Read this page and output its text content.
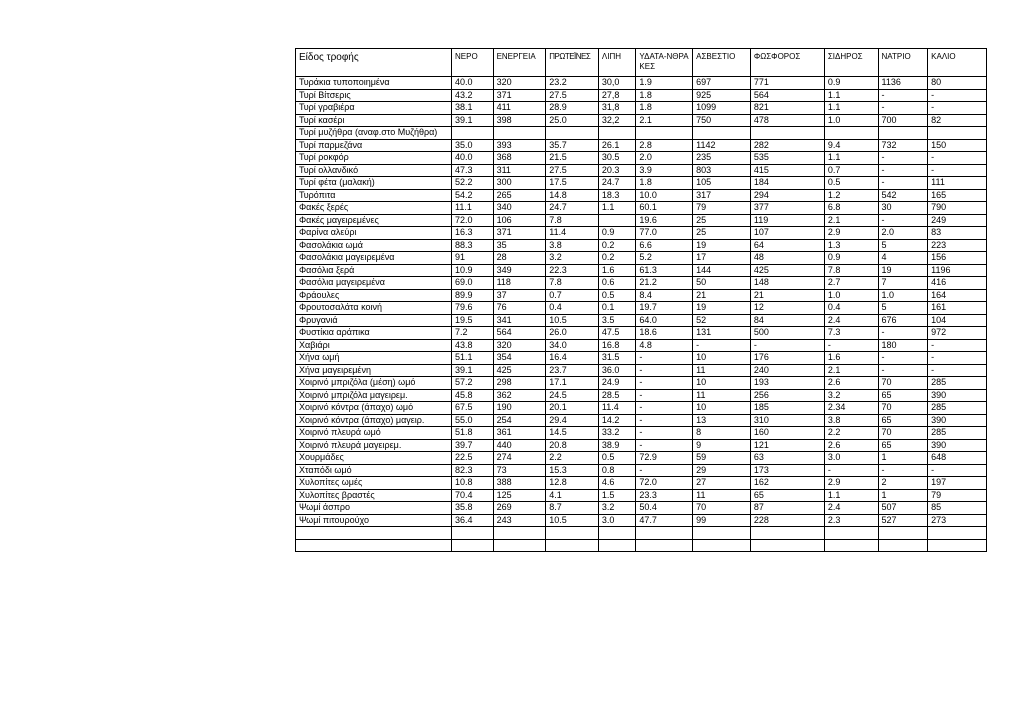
Είδος τροφής	ΝΕΡΟ	ΕΝΕΡΓΕΙΑ	ΠΡΩΤΕΪΝΕΣ	ΛΙΠΗ	ΥΔΑΤΑ-ΝΘΡΑΚΕΣ	ΑΣΒΕΣΤΙΟ	ΦΩΣΦΟΡΟΣ	ΣΙΔΗΡΟΣ	ΝΑΤΡΙΟ	ΚΑΛΙΟ
Τυράκια τυποποιημένα	40.0	320	23.2	30,0	1.9	697	771	0.9	1136	80
Τυρί Βίτσερις	43.2	371	27.5	27,8	1.8	925	564	1.1	-	-
Τυρί γραβιέρα	38.1	411	28.9	31,8	1.8	1099	821	1.1	-	-
Τυρί κασέρι	39.1	398	25.0	32,2	2.1	750	478	1.0	700	82
Τυρί μυζήθρα (αναφ.στο Μυζήθρα)										
Τυρί παρμεζάνα	35.0	393	35.7	26.1	2.8	1142	282	9.4	732	150
Τυρί ροκφόρ	40.0	368	21.5	30.5	2.0	235	535	1.1	-	-
Τυρί ολλανδικό	47.3	311	27.5	20.3	3.9	803	415	0.7	-	-
Τυρί φέτα (μαλακή)	52.2	300	17.5	24.7	1.8	105	184	0.5	-	111
Τυρόπιτα	54.2	265	14.8	18.3	10.0	317	294	1.2	542	165
Φακές ξερές	11.1	340	24.7	1.1	60.1	79	377	6.8	30	790
Φακές μαγειρεμένες	72.0	106	7.8		19.6	25	119	2.1	-	249
Φαρίνα αλεύρι	16.3	371	11.4	0.9	77.0	25	107	2.9	2.0	83
Φασολάκια ωμά	88.3	35	3.8	0.2	6.6	19	64	1.3	5	223
Φασολάκια μαγειρεμένα	91	28	3.2	0.2	5.2	17	48	0.9	4	156
Φασόλια ξερά	10.9	349	22.3	1.6	61.3	144	425	7.8	19	1196
Φασόλια μαγειρεμένα	69.0	118	7.8	0.6	21.2	50	148	2.7	7	416
Φράουλες	89.9	37	0.7	0.5	8.4	21	21	1.0	1.0	164
Φρουτοσαλάτα κοινή	79.6	76	0.4	0.1	19.7	19	12	0.4	5	161
Φρυγανιά	19.5	341	10.5	3.5	64.0	52	84	2.4	676	104
Φυστίκια αράπικα	7.2	564	26.0	47.5	18.6	131	500	7.3	-	972
Χαβιάρι	43.8	320	34.0	16.8	4.8	-	-	-	180	-
Χήνα ωμή	51.1	354	16.4	31.5	-	10	176	1.6	-	-
Χήνα μαγειρεμένη	39.1	425	23.7	36.0	-	11	240	2.1	-	-
Χοιρινό μπριζόλα (μέση) ωμό	57.2	298	17.1	24.9	-	10	193	2.6	70	285
Χοιρινό μπριζόλα μαγειρεμ.	45.8	362	24.5	28.5	-	11	256	3.2	65	390
Χοιρινό κόντρα (άπαχο) ωμό	67.5	190	20.1	11.4	-	10	185	2.34	70	285
Χοιρινό κόντρα (άπαχο) μαγειρ.	55.0	254	29.4	14.2	-	13	310	3.8	65	390
Χοιρινό πλευρά ωμό	51.8	361	14.5	33.2	-	8	160	2.2	70	285
Χοιρινό πλευρά μαγειρεμ.	39.7	440	20.8	38.9	-	9	121	2.6	65	390
Χουρμάδες	22.5	274	2.2	0.5	72.9	59	63	3.0	1	648
Χταπόδι ωμό	82.3	73	15.3	0.8	-	29	173	-	-	-
Χυλοπίτες ωμές	10.8	388	12.8	4.6	72.0	27	162	2.9	2	197
Χυλοπίτες βραστές	70.4	125	4.1	1.5	23.3	11	65	1.1	1	79
Ψωμί άσπρο	35.8	269	8.7	3.2	50.4	70	87	2.4	507	85
Ψωμί πιτουρούχο	36.4	243	10.5	3.0	47.7	99	228	2.3	527	273
